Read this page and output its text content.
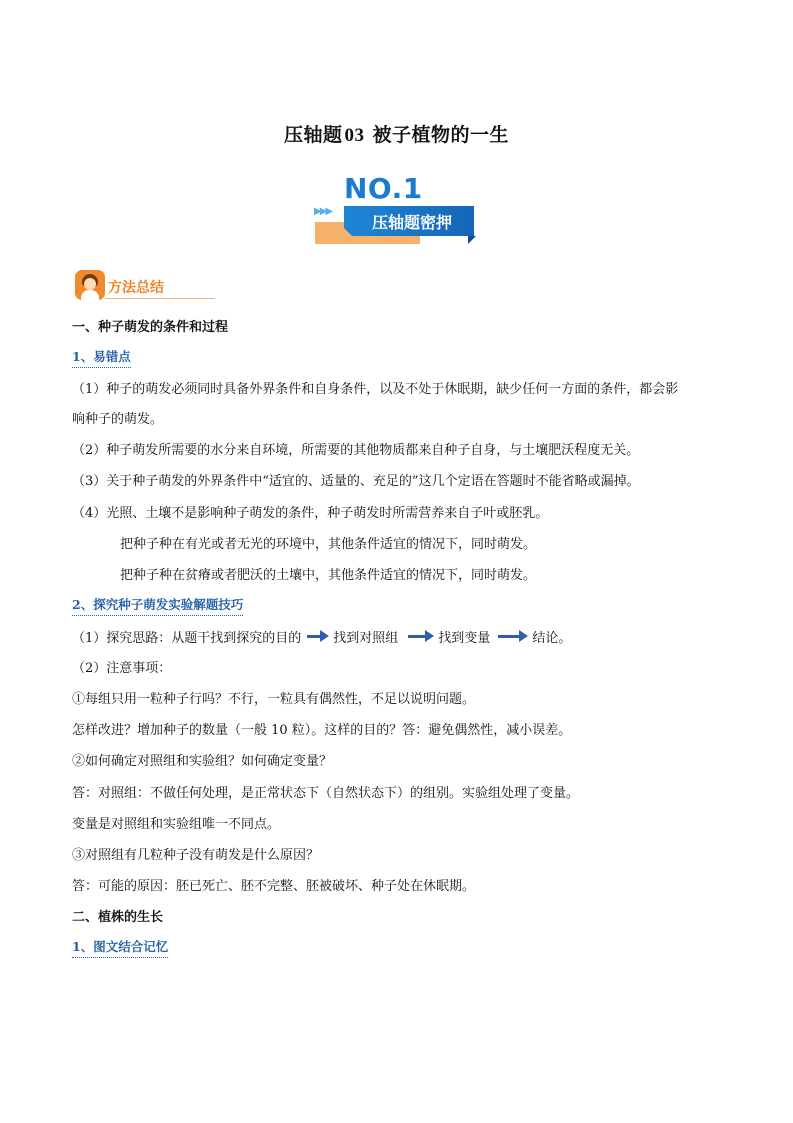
压轴题 03 被子植物的一生
▶▶▶
NO.1
压轴题密押
方法总结
一、种子萌发的条件和过程
1、易错点
（1）种子的萌发必须同时具备外界条件和自身条件，以及不处于休眠期，缺少任何一方面的条件，都会影
响种子的萌发。
（2）种子萌发所需要的水分来自环境，所需要的其他物质都来自种子自身，与土壤肥沃程度无关。
（3）关于种子萌发的外界条件中“适宜的、适量的、充足的”这几个定语在答题时不能省略或漏掉。
（4）光照、土壤不是影响种子萌发的条件，种子萌发时所需营养来自子叶或胚乳。
把种子种在有光或者无光的环境中，其他条件适宜的情况下，同时萌发。
把种子种在贫瘠或者肥沃的土壤中，其他条件适宜的情况下，同时萌发。
2、探究种子萌发实验解题技巧
（1）探究思路：从题干找到探究的目的 找到对照组	找到变量	结论。
（2）注意事项：
①每组只用一粒种子行吗？不行，一粒具有偶然性，不足以说明问题。
怎样改进？增加种子的数量（一般 10 粒）。这样的目的？答：避免偶然性，减小误差。
②如何确定对照组和实验组？如何确定变量？
答：对照组：不做任何处理，是正常状态下（自然状态下）的组别。实验组处理了变量。
变量是对照组和实验组唯一不同点。
③对照组有几粒种子没有萌发是什么原因？
答：可能的原因：胚已死亡、胚不完整、胚被破坏、种子处在休眠期。
二、植株的生长
1、图文结合记忆
